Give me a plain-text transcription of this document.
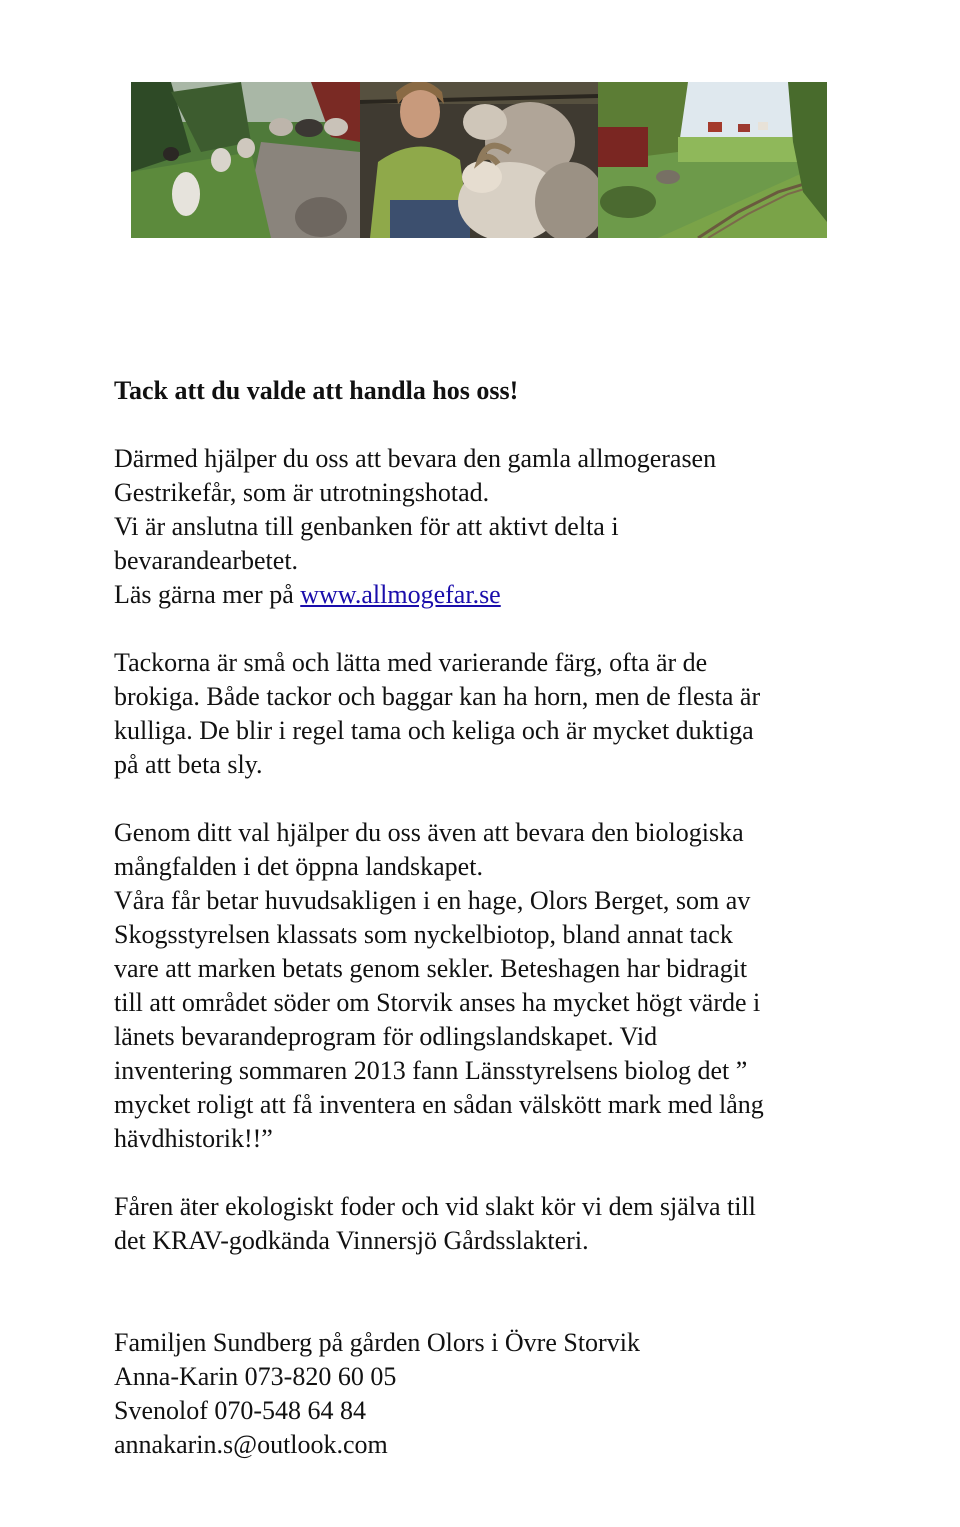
Tack att du valde att handla hos oss!

Därmed hjälper du oss att bevara den gamla allmogerasen

Gestrikefår, som är utrotningshotad.

Vi är anslutna till genbanken för att aktivt delta i

bevarandearbetet.

Läs gärna mer på www.allmogefar.se

Tackorna är små och lätta med varierande färg, ofta är de

brokiga. Både tackor och baggar kan ha horn, men de flesta är

kulliga. De blir i regel tama och keliga och är mycket duktiga

på att beta sly.

Genom ditt val hjälper du oss även att bevara den biologiska

mångfalden i det öppna landskapet.

Våra får betar huvudsakligen i en hage, Olors Berget, som av

Skogsstyrelsen klassats som nyckelbiotop, bland annat tack

vare att marken betats genom sekler. Beteshagen har bidragit

till att området söder om Storvik anses ha mycket högt värde i

länets bevarandeprogram för odlingslandskapet. Vid

inventering sommaren 2013 fann Länsstyrelsens biolog det ”

mycket roligt att få inventera en sådan välskött mark med lång

hävdhistorik!!”

Fåren äter ekologiskt foder och vid slakt kör vi dem själva till

det KRAV-godkända Vinnersjö Gårdsslakteri.

Familjen Sundberg på gården Olors i Övre Storvik

Anna-Karin 073-820 60 05

Svenolof 070-548 64 84

annakarin.s@outlook.com
